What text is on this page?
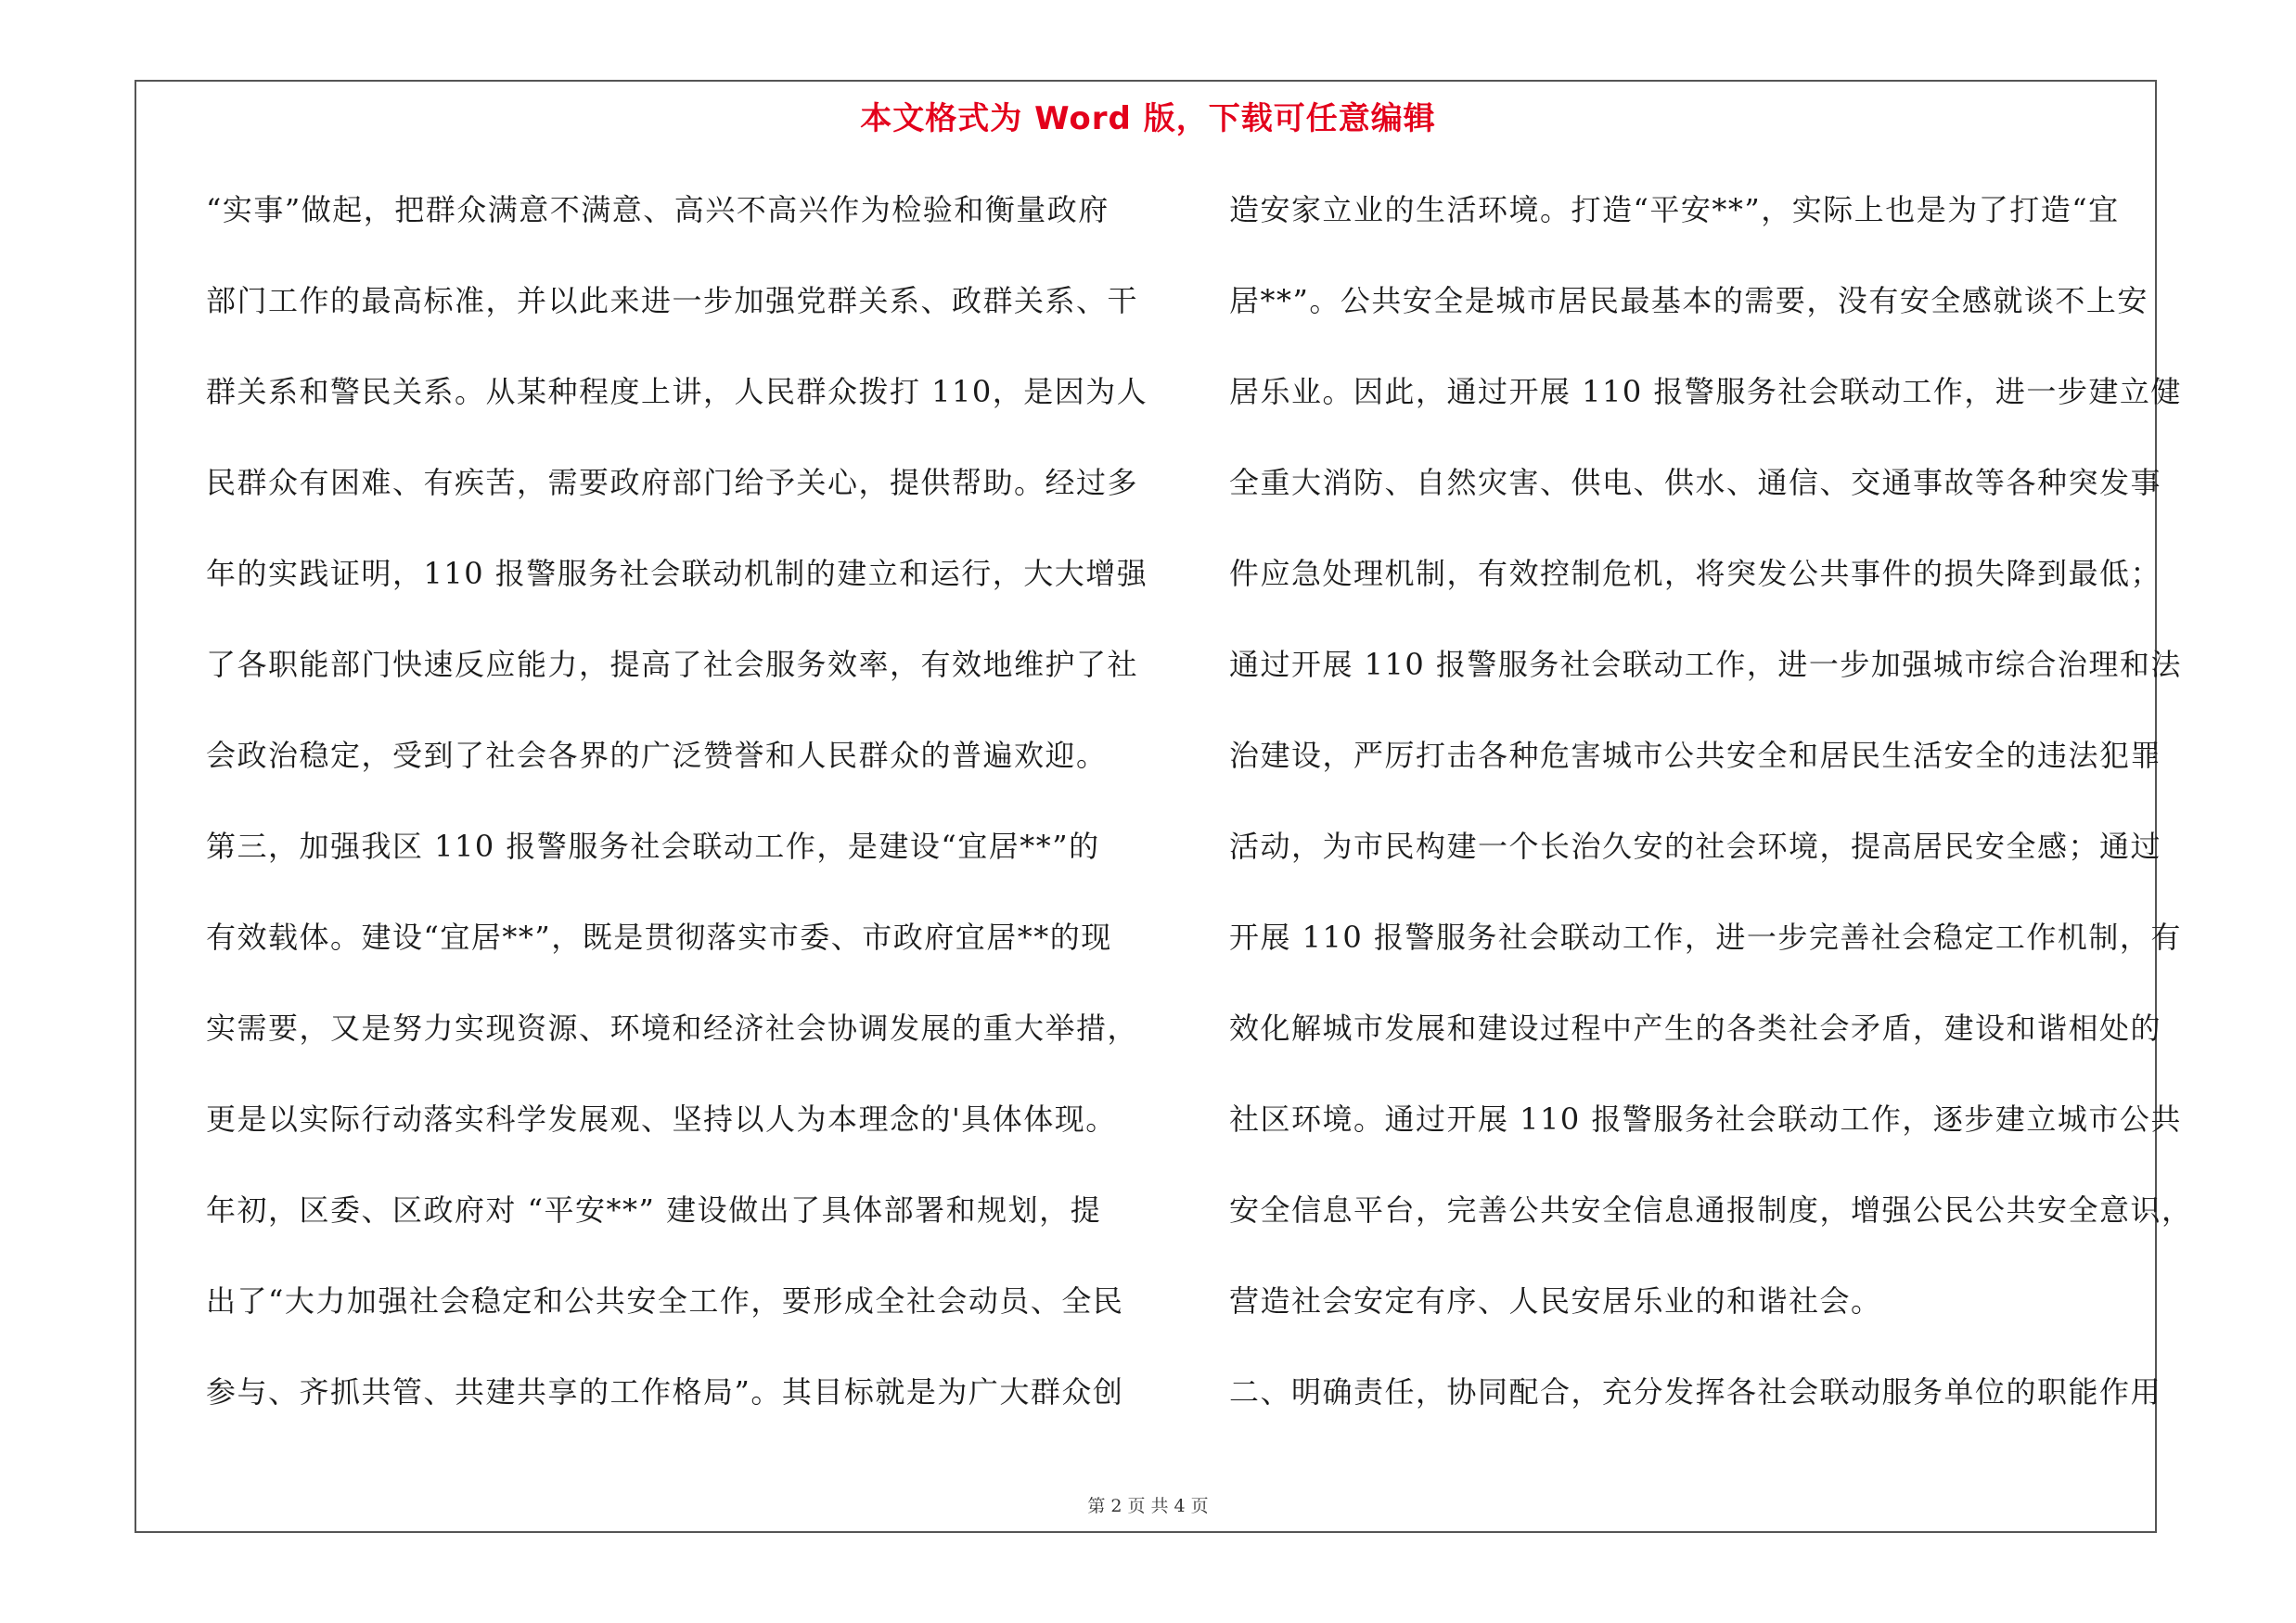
本文格式为 Word 版，下载可任意编辑
“实事”做起，把群众满意不满意、高兴不高兴作为检验和衡量政府
部门工作的最高标准，并以此来进一步加强党群关系、政群关系、干
群关系和警民关系。从某种程度上讲，人民群众拨打 110，是因为人
民群众有困难、有疾苦，需要政府部门给予关心，提供帮助。经过多
年的实践证明，110 报警服务社会联动机制的建立和运行，大大增强
了各职能部门快速反应能力，提高了社会服务效率，有效地维护了社
会政治稳定，受到了社会各界的广泛赞誉和人民群众的普遍欢迎。
第三，加强我区 110 报警服务社会联动工作，是建设“宜居**”的
有效载体。建设“宜居**”，既是贯彻落实市委、市政府宜居**的现
实需要，又是努力实现资源、环境和经济社会协调发展的重大举措，
更是以实际行动落实科学发展观、坚持以人为本理念的'具体体现。
年初，区委、区政府对 “平安**” 建设做出了具体部署和规划，提
出了“大力加强社会稳定和公共安全工作，要形成全社会动员、全民
参与、齐抓共管、共建共享的工作格局”。其目标就是为广大群众创
造安家立业的生活环境。打造“平安**”，实际上也是为了打造“宜
居**”。公共安全是城市居民最基本的需要，没有安全感就谈不上安
居乐业。因此，通过开展 110 报警服务社会联动工作，进一步建立健
全重大消防、自然灾害、供电、供水、通信、交通事故等各种突发事
件应急处理机制，有效控制危机，将突发公共事件的损失降到最低；
通过开展 110 报警服务社会联动工作，进一步加强城市综合治理和法
治建设，严厉打击各种危害城市公共安全和居民生活安全的违法犯罪
活动，为市民构建一个长治久安的社会环境，提高居民安全感；通过
开展 110 报警服务社会联动工作，进一步完善社会稳定工作机制，有
效化解城市发展和建设过程中产生的各类社会矛盾，建设和谐相处的
社区环境。通过开展 110 报警服务社会联动工作，逐步建立城市公共
安全信息平台，完善公共安全信息通报制度，增强公民公共安全意识，
营造社会安定有序、人民安居乐业的和谐社会。
二、明确责任，协同配合，充分发挥各社会联动服务单位的职能作用
第 2 页 共 4 页
